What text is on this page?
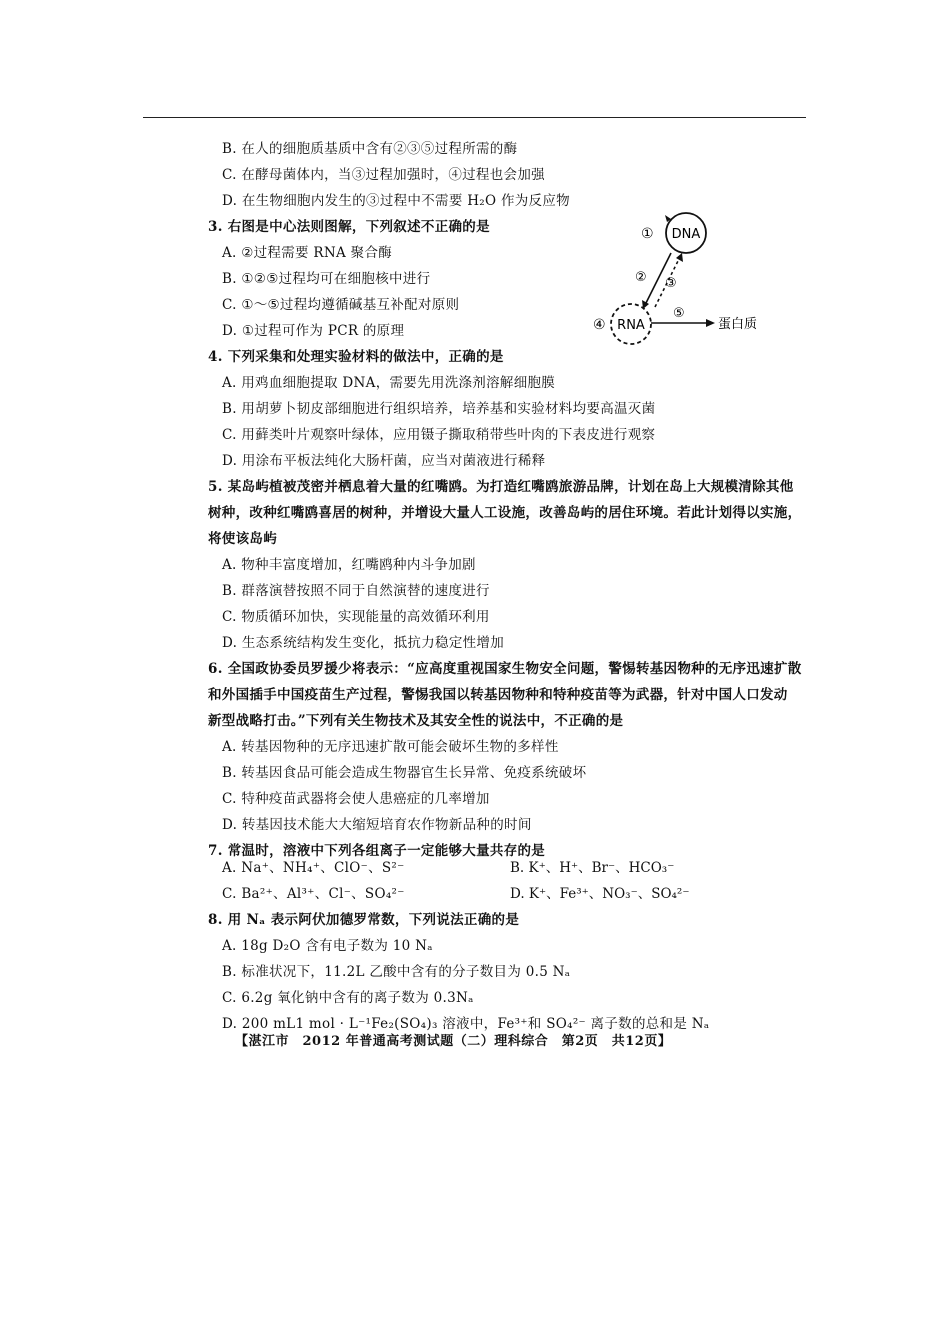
B. 在人的细胞质基质中含有②③⑤过程所需的酶
C. 在酵母菌体内，当③过程加强时，④过程也会加强
D. 在生物细胞内发生的③过程中不需要 H₂O 作为反应物
3. 右图是中心法则图解，下列叙述不正确的是
A. ②过程需要 RNA 聚合酶
B. ①②⑤过程均可在细胞核中进行
C. ①～⑤过程均遵循碱基互补配对原则
D. ①过程可作为 PCR 的原理
4. 下列采集和处理实验材料的做法中，正确的是
A. 用鸡血细胞提取 DNA，需要先用洗涤剂溶解细胞膜
B. 用胡萝卜韧皮部细胞进行组织培养，培养基和实验材料均要高温灭菌
C. 用藓类叶片观察叶绿体，应用镊子撕取稍带些叶肉的下表皮进行观察
D. 用涂布平板法纯化大肠杆菌，应当对菌液进行稀释
5. 某岛屿植被茂密并栖息着大量的红嘴鸥。为打造红嘴鸥旅游品牌，计划在岛上大规模清除其他
树种，改种红嘴鸥喜居的树种，并增设大量人工设施，改善岛屿的居住环境。若此计划得以实施，
将使该岛屿
A. 物种丰富度增加，红嘴鸥种内斗争加剧
B. 群落演替按照不同于自然演替的速度进行
C. 物质循环加快，实现能量的高效循环利用
D. 生态系统结构发生变化，抵抗力稳定性增加
6. 全国政协委员罗援少将表示：“应高度重视国家生物安全问题，警惕转基因物种的无序迅速扩散
和外国插手中国疫苗生产过程，警惕我国以转基因物种和特种疫苗等为武器，针对中国人口发动
新型战略打击。”下列有关生物技术及其安全性的说法中，不正确的是
A. 转基因物种的无序迅速扩散可能会破坏生物的多样性
B. 转基因食品可能会造成生物器官生长异常、免疫系统破坏
C. 特种疫苗武器将会使人患癌症的几率增加
D. 转基因技术能大大缩短培育农作物新品种的时间
7. 常温时，溶液中下列各组离子一定能够大量共存的是
A. Na⁺、NH₄⁺、ClO⁻、S²⁻
C. Ba²⁺、Al³⁺、Cl⁻、SO₄²⁻
8. 用 Nₐ 表示阿伏加德罗常数，下列说法正确的是
A. 18g D₂O 含有电子数为 10 Nₐ
B. 标准状况下，11.2L 乙酸中含有的分子数目为 0.5 Nₐ
C. 6.2g 氧化钠中含有的离子数为 0.3Nₐ
D. 200 mL1 mol · L⁻¹Fe₂(SO₄)₃ 溶液中，Fe³⁺和 SO₄²⁻ 离子数的总和是 Nₐ
B. K⁺、H⁺、Br⁻、HCO₃⁻
D. K⁺、Fe³⁺、NO₃⁻、SO₄²⁻
DNA
①
② ③
RNA
④
⑤
蛋白质
【湛江市　2012 年普通高考测试题（二）理科综合　第2页　共12页】
